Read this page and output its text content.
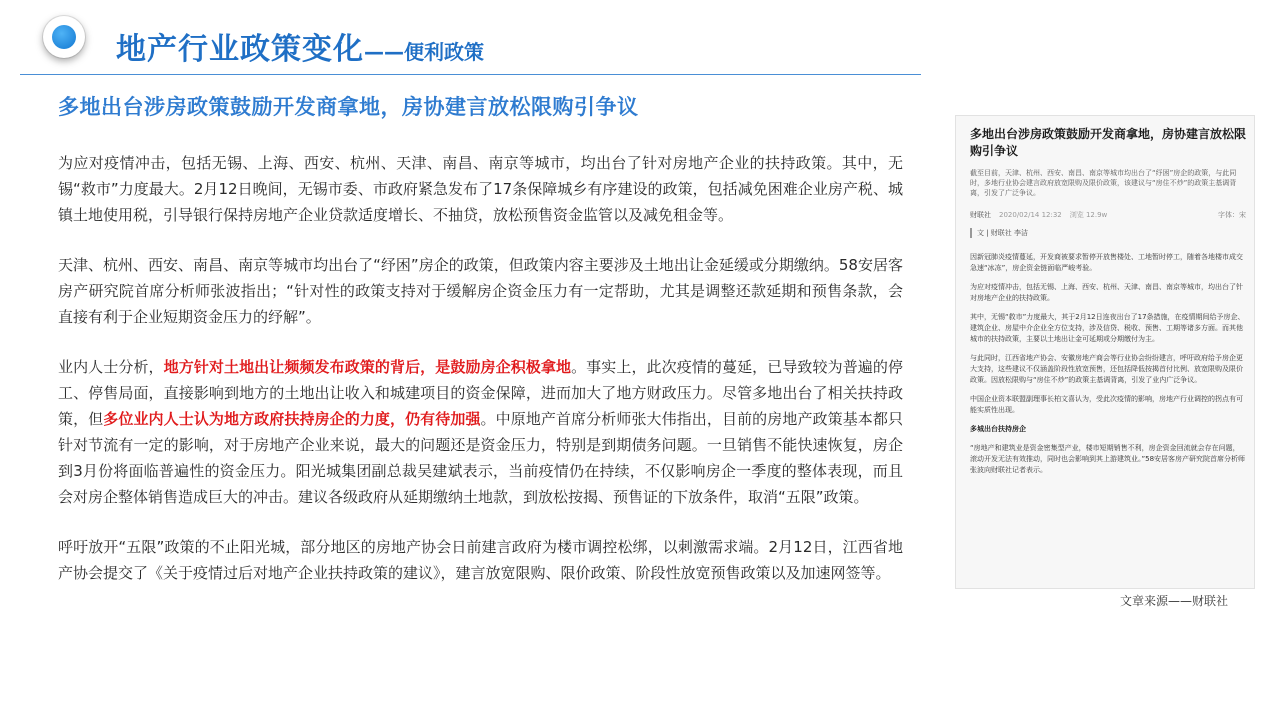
地产行业政策变化——便利政策
多地出台涉房政策鼓励开发商拿地，房协建言放松限购引争议

为应对疫情冲击，包括无锡、上海、西安、杭州、天津、南昌、南京等城市，均出台了针对房地产企业的扶持政策。其中，无锡“救市”力度最大。2月12日晚间，无锡市委、市政府紧急发布了17条保障城乡有序建设的政策，包括减免困难企业房产税、城镇土地使用税，引导银行保持房地产企业贷款适度增长、不抽贷，放松预售资金监管以及减免租金等。

天津、杭州、西安、南昌、南京等城市均出台了“纾困”房企的政策，但政策内容主要涉及土地出让金延缓或分期缴纳。58安居客房产研究院首席分析师张波指出；“针对性的政策支持对于缓解房企资金压力有一定帮助，尤其是调整还款延期和预售条款，会直接有利于企业短期资金压力的纾解”。

业内人士分析，地方针对土地出让频频发布政策的背后，是鼓励房企积极拿地。事实上，此次疫情的蔓延，已导致较为普遍的停工、停售局面，直接影响到地方的土地出让收入和城建项目的资金保障，进而加大了地方财政压力。尽管多地出台了相关扶持政策，但多位业内人士认为地方政府扶持房企的力度，仍有待加强。中原地产首席分析师张大伟指出，目前的房地产政策基本都只针对节流有一定的影响，对于房地产企业来说，最大的问题还是资金压力，特别是到期债务问题。一旦销售不能快速恢复，房企到3月份将面临普遍性的资金压力。阳光城集团副总裁吴建斌表示，当前疫情仍在持续，不仅影响房企一季度的整体表现，而且会对房企整体销售造成巨大的冲击。建议各级政府从延期缴纳土地款，到放松按揭、预售证的下放条件，取消“五限”政策。

呼吁放开“五限”政策的不止阳光城，部分地区的房地产协会日前建言政府为楼市调控松绑，以刺激需求端。2月12日，江西省地产协会提交了《关于疫情过后对地产企业扶持政策的建议》，建言放宽限购、限价政策、阶段性放宽预售政策以及加速网签等。

多地出台涉房政策鼓励开发商拿地，房协建言放松限购引争议
截至目前，天津、杭州、西安、南昌、南京等城市均出台了“纾困”房企的政策，与此同时，多地行业协会建言政府放宽限购及限价政策，该建议与“房住不炒”的政策主基调背离，引发了广泛争议。
财联社 2020/02/14 12:32 浏览 12.9w	字体：宋
文 | 财联社 李洁

因新冠肺炎疫情蔓延，开发商被要求暂停开放售楼处、工地暂时停工，随着各地楼市成交急速“冰冻”，房企资金链面临严峻考验。

为应对疫情冲击，包括无锡、上海、西安、杭州、天津、南昌、南京等城市，均出台了针对房地产企业的扶持政策。

其中，无锡“救市”力度最大，其于2月12日连夜出台了17条措施，在疫情期间给予房企、建筑企业、房屋中介企业全方位支持，涉及信贷、税收、预售、工期等诸多方面。而其他城市的扶持政策，主要以土地出让金可延期或分期缴付为主。

与此同时，江西省地产协会、安徽房地产商会等行业协会纷纷建言，呼吁政府给予房企更大支持，这些建议不仅涵盖阶段性放宽预售，还包括降低按揭首付比例、放宽限购及限价政策。因放松限购与“房住不炒”的政策主基调背离，引发了业内广泛争议。

中国企业资本联盟副理事长柏文喜认为，受此次疫情的影响，房地产行业调控的拐点有可能实质性出现。

多城出台扶持房企

“房地产和建筑业是资金密集型产业，楼市短期销售不利，房企资金回流就会存在问题，滚动开发无法有效推动，同时也会影响到其上游建筑业。”58安居客房产研究院首席分析师张波向财联社记者表示。

文章来源——财联社
